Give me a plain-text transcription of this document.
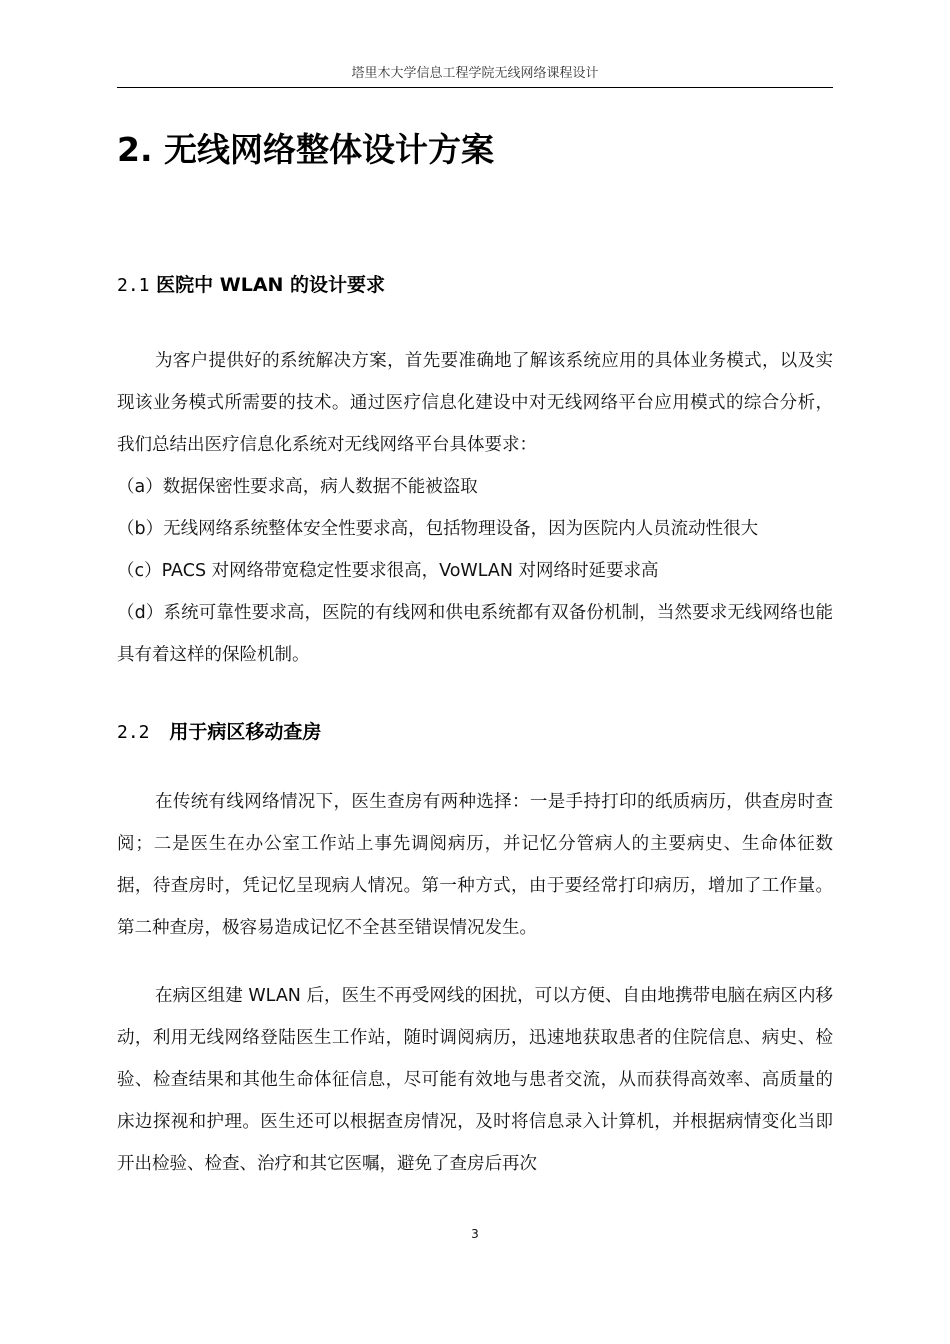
塔里木大学信息工程学院无线网络课程设计
2. 无线网络整体设计方案
2.1 医院中 WLAN 的设计要求

为客户提供好的系统解决方案，首先要准确地了解该系统应用的具体业务模式，以及实现该业务模式所需要的技术。通过医疗信息化建设中对无线网络平台应用模式的综合分析，我们总结出医疗信息化系统对无线网络平台具体要求：

（a）数据保密性要求高，病人数据不能被盗取

（b）无线网络系统整体安全性要求高，包括物理设备，因为医院内人员流动性很大

（c）PACS 对网络带宽稳定性要求很高，VoWLAN 对网络时延要求高

（d）系统可靠性要求高，医院的有线网和供电系统都有双备份机制，当然要求无线网络也能具有着这样的保险机制。

2.2 用于病区移动查房

在传统有线网络情况下，医生查房有两种选择：一是手持打印的纸质病历，供查房时查阅；二是医生在办公室工作站上事先调阅病历，并记忆分管病人的主要病史、生命体征数据，待查房时，凭记忆呈现病人情况。第一种方式，由于要经常打印病历，增加了工作量。第二种查房，极容易造成记忆不全甚至错误情况发生。

在病区组建 WLAN 后，医生不再受网线的困扰，可以方便、自由地携带电脑在病区内移动，利用无线网络登陆医生工作站，随时调阅病历，迅速地获取患者的住院信息、病史、检验、检查结果和其他生命体征信息，尽可能有效地与患者交流，从而获得高效率、高质量的床边探视和护理。医生还可以根据查房情况，及时将信息录入计算机，并根据病情变化当即开出检验、检查、治疗和其它医嘱，避免了查房后再次

3
